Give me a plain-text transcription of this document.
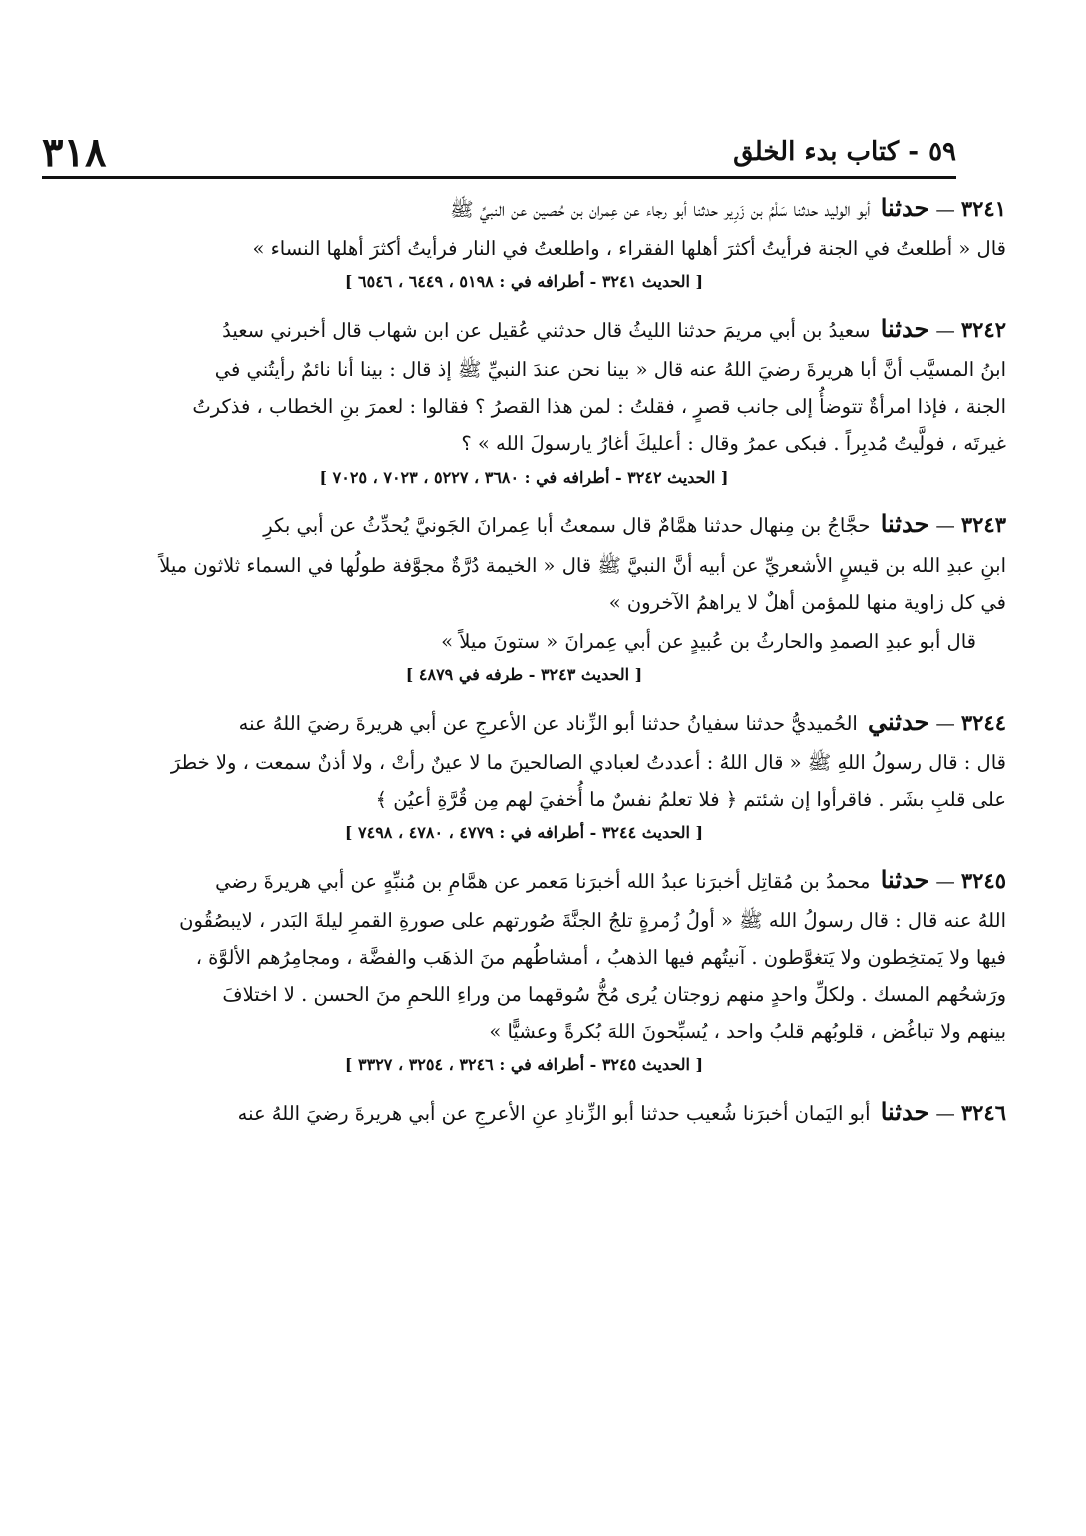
٣١٨	٥٩ - كتاب بدء الخلق

٣٢٤١—حدثنا أبو الوليد حدثنا سَلْمُ بن زَرِير حدثنا أبو رجاء عن عِمران بن حُصين عن النبيِّ ﷺ

قال « أطلعتُ في الجنة فرأيتُ أكثرَ أهلها الفقراء ، واطلعتُ في النار فرأيتُ أكثرَ أهلها النساء »

[ الحديث ٣٢٤١ - أطرافه في : ٥١٩٨ ، ٦٤٤٩ ، ٦٥٤٦ ]

٣٢٤٢—حدثنا سعيدُ بن أبي مريمَ حدثنا الليثُ قال حدثني عُقيل عن ابن شهاب قال أخبرني سعيدُ

ابنُ المسيَّب أنَّ أبا هريرةَ رضيَ اللهُ عنه قال « بينا نحن عندَ النبيِّ ﷺ إذ قال : بينا أنا نائمٌ رأيتُني في

الجنة ، فإذا امرأةٌ تتوضأُ إلى جانب قصرٍ ، فقلتُ : لمن هذا القصرُ ؟ فقالوا : لعمرَ بنِ الخطاب ، فذكرتُ

غيرتَه ، فولَّيتُ مُدبِراً . فبكى عمرُ وقال : أعليكَ أغارُ يارسولَ الله » ؟

[ الحديث ٣٢٤٢ - أطرافه في : ٣٦٨٠ ، ٥٢٢٧ ، ٧٠٢٣ ، ٧٠٢٥ ]

٣٢٤٣—حدثنا حجَّاجُ بن مِنهال حدثنا همَّامٌ قال سمعتُ أبا عِمرانَ الجَونيَّ يُحدِّثُ عن أبي بكرِ

ابنِ عبدِ الله بن قيسٍ الأشعريِّ عن أبيه أنَّ النبيَّ ﷺ قال « الخيمة دُرَّةٌ مجوَّفة طولُها في السماء ثلاثون ميلاً

في كل زاوية منها للمؤمن أهلٌ لا يراهمُ الآخرون »

قال أبو عبدِ الصمدِ والحارثُ بن عُبيدٍ عن أبي عِمرانَ « ستونَ ميلاً »

[ الحديث ٣٢٤٣ - طرفه في ٤٨٧٩ ]

٣٢٤٤—حدثني الحُميديُّ حدثنا سفيانُ حدثنا أبو الزِّناد عن الأعرجِ عن أبي هريرةَ رضيَ اللهُ عنه

قال : قال رسولُ اللهِ ﷺ « قال اللهُ : أعددتُ لعبادي الصالحينَ ما لا عينٌ رأتْ ، ولا أذنٌ سمعت ، ولا خطرَ

على قلبِ بشَر . فاقرأوا إن شئتم ﴿ فلا تعلمُ نفسٌ ما أُخفيَ لهم مِن قُرَّةِ أعيُن ﴾

[ الحديث ٣٢٤٤ - أطرافه في : ٤٧٧٩ ، ٤٧٨٠ ، ٧٤٩٨ ]

٣٢٤٥—حدثنا محمدُ بن مُقاتِل أخبرَنا عبدُ الله أخبرَنا مَعمر عن همَّامِ بن مُنبِّهٍ عن أبي هريرةَ رضي

اللهُ عنه قال : قال رسولُ الله ﷺ « أولُ زُمرةٍ تلجُ الجنَّةَ صُورتهم على صورةِ القمرِ ليلةَ البَدر ، لايبصُقُون

فيها ولا يَمتخِطون ولا يَتغوَّطون . آنيتُهم فيها الذهبُ ، أمشاطُهم منَ الذهَب والفضَّة ، ومجامِرُهم الألوَّة ،

ورَشحُهم المسك . ولكلِّ واحدٍ منهم زوجتان يُرى مُخُّ سُوقهما من وراءِ اللحمِ منَ الحسن . لا اختلافَ

بينهم ولا تباغُض ، قلوبُهم قلبُ واحد ، يُسبِّحونَ اللهَ بُكرةً وعشيًّا »

[ الحديث ٣٢٤٥ - أطرافه في : ٣٢٤٦ ، ٣٢٥٤ ، ٣٣٢٧ ]

٣٢٤٦—حدثنا أبو اليَمان أخبرَنا شُعيب حدثنا أبو الزِّنادِ عنِ الأعرجِ عن أبي هريرةَ رضيَ اللهُ عنه
